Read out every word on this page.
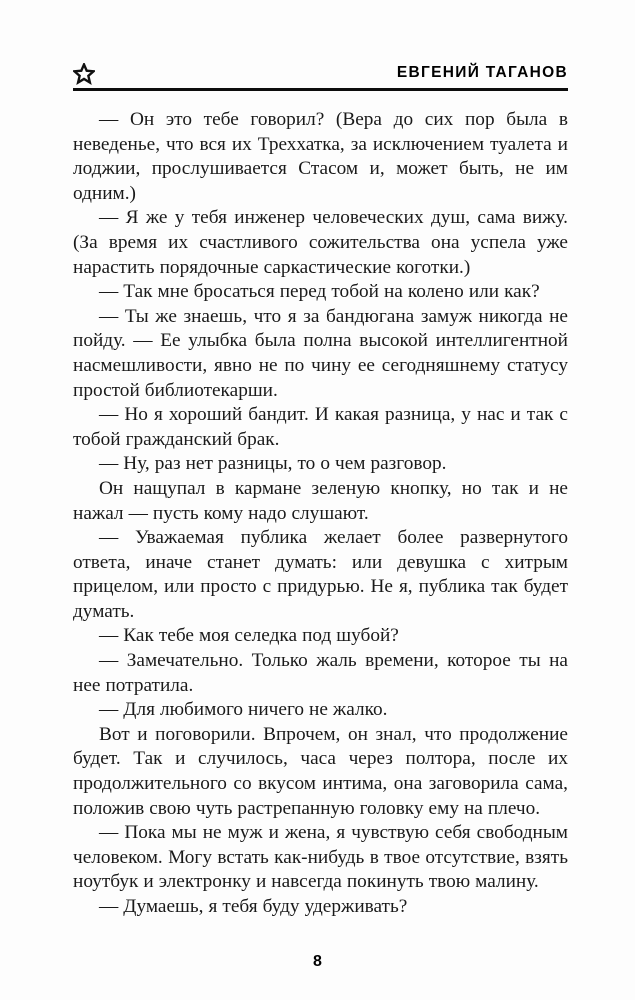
ЕВГЕНИЙ ТАГАНОВ

— Он это тебе говорил? (Вера до сих пор была в неведенье, что вся их Треххатка, за исключением туалета и лоджии, прослушивается Стасом и, может быть, не им одним.)

— Я же у тебя инженер человеческих душ, сама вижу. (За время их счастливого сожительства она успела уже нарастить порядочные саркастические коготки.)

— Так мне бросаться перед тобой на колено или как?

— Ты же знаешь, что я за бандюгана замуж никогда не пойду. — Ее улыбка была полна высокой интеллигентной насмешливости, явно не по чину ее сегодняшнему статусу простой библиотекарши.

— Но я хороший бандит. И какая разница, у нас и так с тобой гражданский брак.

— Ну, раз нет разницы, то о чем разговор.

Он нащупал в кармане зеленую кнопку, но так и не нажал — пусть кому надо слушают.

— Уважаемая публика желает более развернутого ответа, иначе станет думать: или девушка с хитрым прицелом, или просто с придурью. Не я, публика так будет думать.

— Как тебе моя селедка под шубой?

— Замечательно. Только жаль времени, которое ты на нее потратила.

— Для любимого ничего не жалко.

Вот и поговорили. Впрочем, он знал, что продолжение будет. Так и случилось, часа через полтора, после их продолжительного со вкусом интима, она заговорила сама, положив свою чуть растрепанную головку ему на плечо.

— Пока мы не муж и жена, я чувствую себя свободным человеком. Могу встать как-нибудь в твое отсутствие, взять ноутбук и электронку и навсегда покинуть твою малину.

— Думаешь, я тебя буду удерживать?

8
